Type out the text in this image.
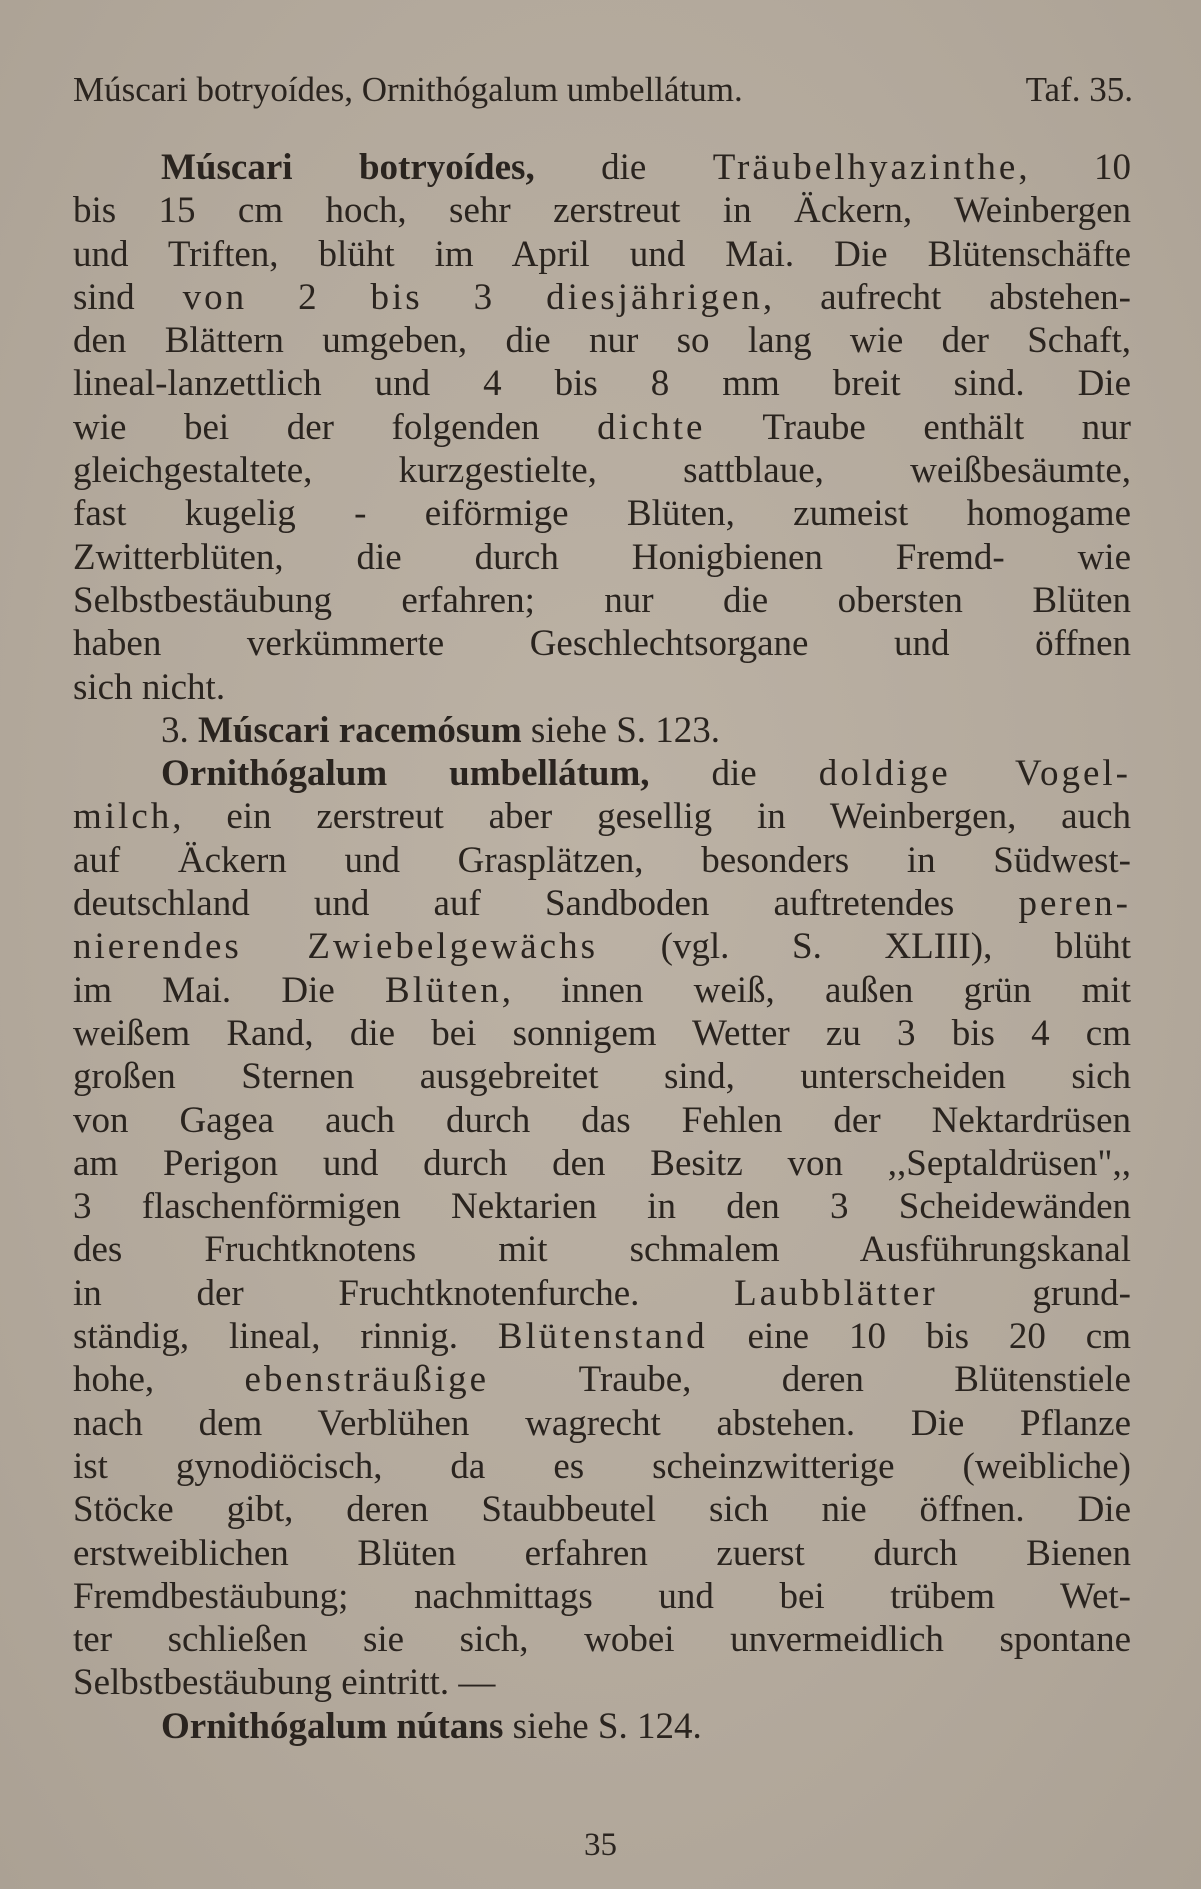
Múscari botryoídes, Ornithógalum umbellátum.	Taf. 35.
Múscari botryoídes, die Träubelhyazinthe, 10
bis 15 cm hoch, sehr zerstreut in Äckern, Weinbergen
und Triften, blüht im April und Mai. Die Blütenschäfte
sind von 2 bis 3 diesjährigen, aufrecht abstehen-
den Blättern umgeben, die nur so lang wie der Schaft,
lineal-lanzettlich und 4 bis 8 mm breit sind. Die
wie bei der folgenden dichte Traube enthält nur
gleichgestaltete, kurzgestielte, sattblaue, weißbesäumte,
fast kugelig - eiförmige Blüten, zumeist homogame
Zwitterblüten, die durch Honigbienen Fremd- wie
Selbstbestäubung erfahren; nur die obersten Blüten
haben verkümmerte Geschlechtsorgane und öffnen
sich nicht.
3. Múscari racemósum siehe S. 123.
Ornithógalum umbellátum, die doldige Vogel-
milch, ein zerstreut aber gesellig in Weinbergen, auch
auf Äckern und Grasplätzen, besonders in Südwest-
deutschland und auf Sandboden auftretendes peren-
nierendes Zwiebelgewächs (vgl. S. XLIII), blüht
im Mai. Die Blüten, innen weiß, außen grün mit
weißem Rand, die bei sonnigem Wetter zu 3 bis 4 cm
großen Sternen ausgebreitet sind, unterscheiden sich
von Gagea auch durch das Fehlen der Nektardrüsen
am Perigon und durch den Besitz von ,,Septaldrüsen",,
3 flaschenförmigen Nektarien in den 3 Scheidewänden
des Fruchtknotens mit schmalem Ausführungskanal
in der Fruchtknotenfurche. Laubblätter grund-
ständig, lineal, rinnig. Blütenstand eine 10 bis 20 cm
hohe, ebensträußige Traube, deren Blütenstiele
nach dem Verblühen wagrecht abstehen. Die Pflanze
ist gynodiöcisch, da es scheinzwitterige (weibliche)
Stöcke gibt, deren Staubbeutel sich nie öffnen. Die
erstweiblichen Blüten erfahren zuerst durch Bienen
Fremdbestäubung; nachmittags und bei trübem Wet-
ter schließen sie sich, wobei unvermeidlich spontane
Selbstbestäubung eintritt. —
Ornithógalum nútans siehe S. 124.
35
